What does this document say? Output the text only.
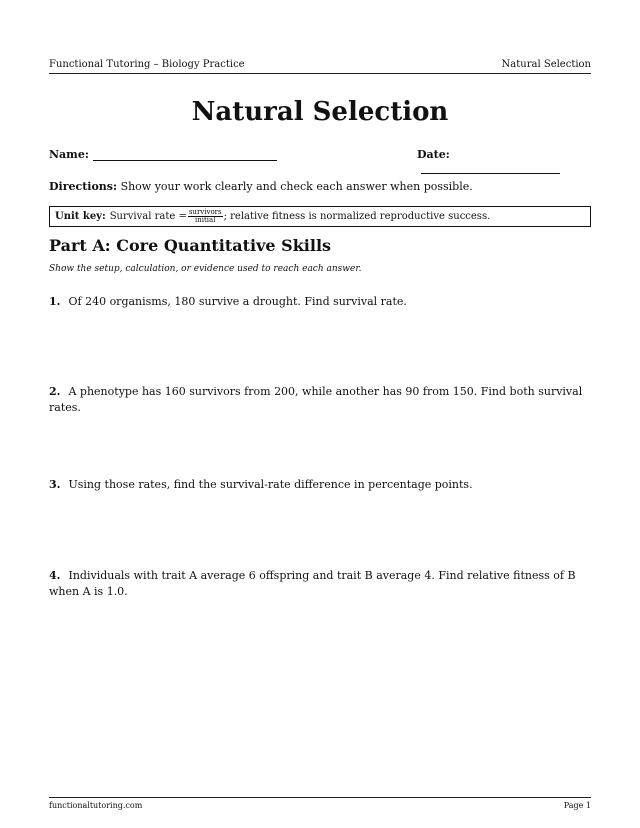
Functional Tutoring – Biology Practice	Natural Selection
Natural Selection
Name:	Date:
Directions: Show your work clearly and check each answer when possible.
Unit key: Survival rate = $\frac{\text{survivors}}{\text{initial}}$ ; relative fitness is normalized reproductive success.
Part A: Core Quantitative Skills
Show the setup, calculation, or evidence used to reach each answer.
1. Of 240 organisms, 180 survive a drought. Find survival rate.
2. A phenotype has 160 survivors from 200, while another has 90 from 150. Find both survival rates.
3. Using those rates, find the survival-rate difference in percentage points.
4. Individuals with trait A average 6 offspring and trait B average 4. Find relative fitness of B when A is 1.0.
functionaltutoring.com	Page 1
